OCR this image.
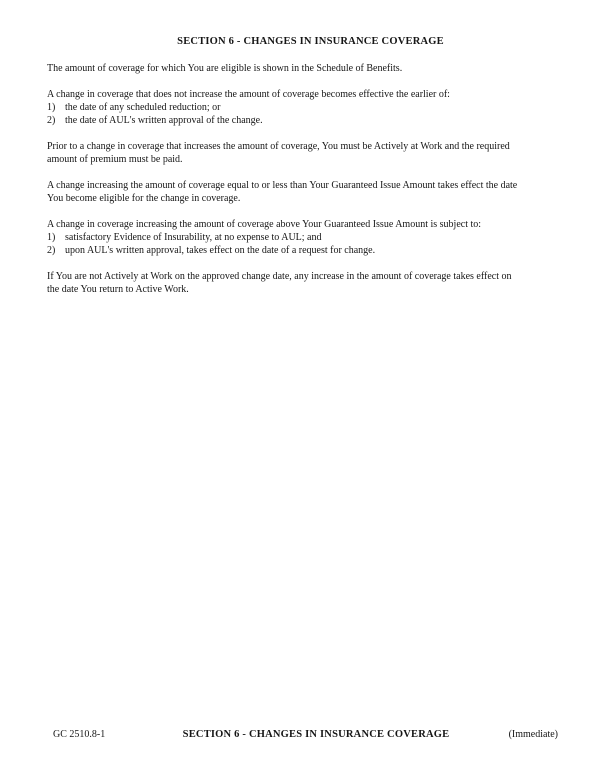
SECTION 6 - CHANGES IN INSURANCE COVERAGE

The amount of coverage for which You are eligible is shown in the Schedule of Benefits.

A change in coverage that does not increase the amount of coverage becomes effective the earlier of:

1) the date of any scheduled reduction; or
2) the date of AUL's written approval of the change.

Prior to a change in coverage that increases the amount of coverage, You must be Actively at Work and the required
amount of premium must be paid.

A change increasing the amount of coverage equal to or less than Your Guaranteed Issue Amount takes effect the date
You become eligible for the change in coverage.

A change in coverage increasing the amount of coverage above Your Guaranteed Issue Amount is subject to:

1) satisfactory Evidence of Insurability, at no expense to AUL; and
2) upon AUL's written approval, takes effect on the date of a request for change.

If You are not Actively at Work on the approved change date, any increase in the amount of coverage takes effect on
the date You return to Active Work.

GC 2510.8-1	SECTION 6 - CHANGES IN INSURANCE COVERAGE	(Immediate)
